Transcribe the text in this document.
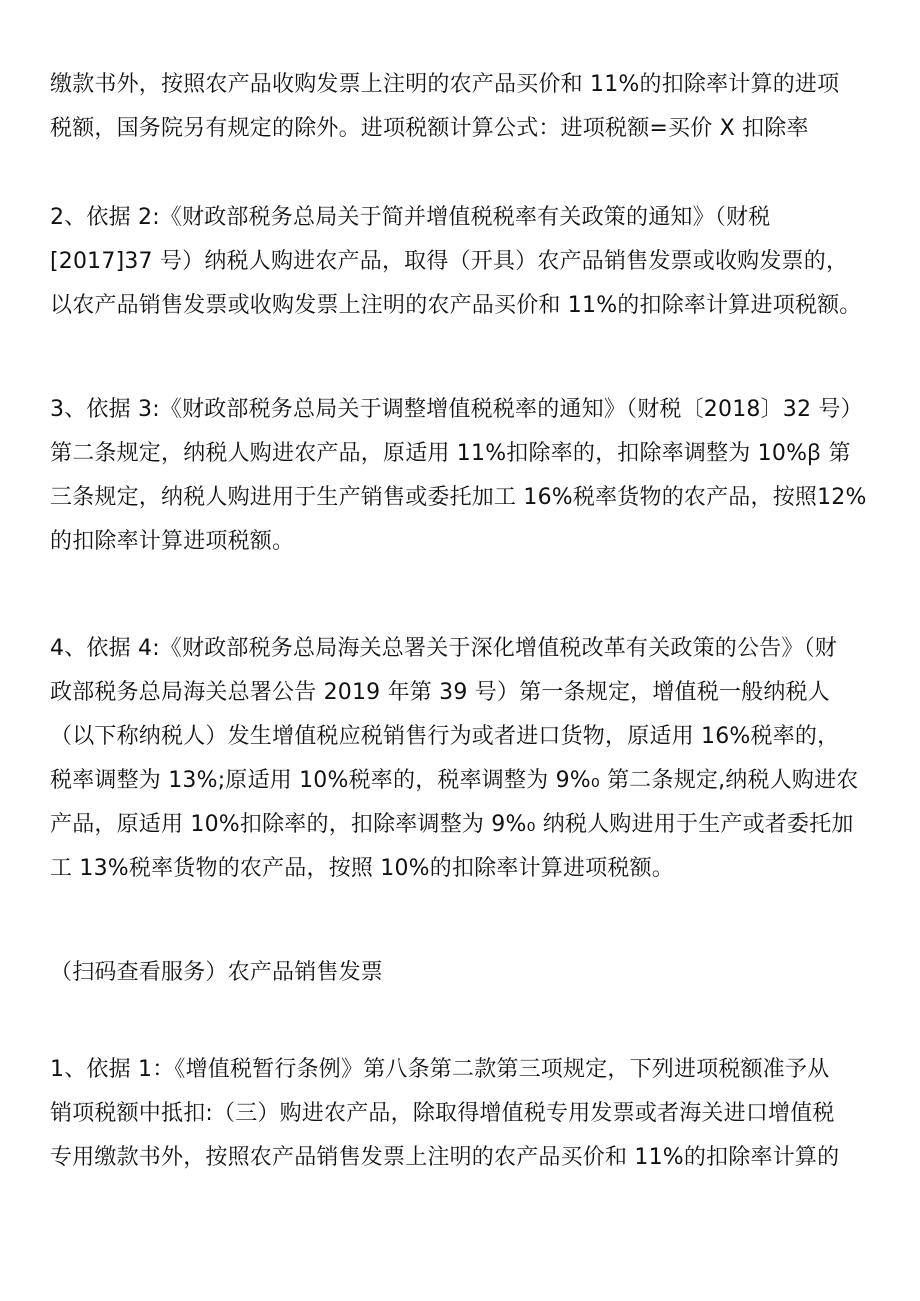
缴款书外，按照农产品收购发票上注明的农产品买价和 11%的扣除率计算的进项
税额，国务院另有规定的除外。进项税额计算公式：进项税额=买价 X 扣除率
2、依据 2:《财政部税务总局关于简并增值税税率有关政策的通知》（财税
[2017]37 号）纳税人购进农产品，取得（开具）农产品销售发票或收购发票的，
以农产品销售发票或收购发票上注明的农产品买价和 11%的扣除率计算进项税额。
3、依据 3:《财政部税务总局关于调整增值税税率的通知》（财税〔2018〕32 号）
第二条规定，纳税人购进农产品，原适用 11%扣除率的，扣除率调整为 10%ꞵ 第
三条规定，纳税人购进用于生产销售或委托加工 16%税率货物的农产品，按照12%
的扣除率计算进项税额。
4、依据 4:《财政部税务总局海关总署关于深化增值税改革有关政策的公告》（财
政部税务总局海关总署公告 2019 年第 39 号）第一条规定，增值税一般纳税人
（以下称纳税人）发生增值税应税销售行为或者进口货物，原适用 16%税率的，
税率调整为 13%;原适用 10%税率的，税率调整为 9%₀ 第二条规定,纳税人购进农
产品，原适用 10%扣除率的，扣除率调整为 9%₀ 纳税人购进用于生产或者委托加
工 13%税率货物的农产品，按照 10%的扣除率计算进项税额。
（扫码查看服务）农产品销售发票
1、依据 1：《增值税暂行条例》第八条第二款第三项规定，下列进项税额准予从
销项税额中抵扣:（三）购进农产品，除取得增值税专用发票或者海关进口增值税
专用缴款书外，按照农产品销售发票上注明的农产品买价和 11%的扣除率计算的
